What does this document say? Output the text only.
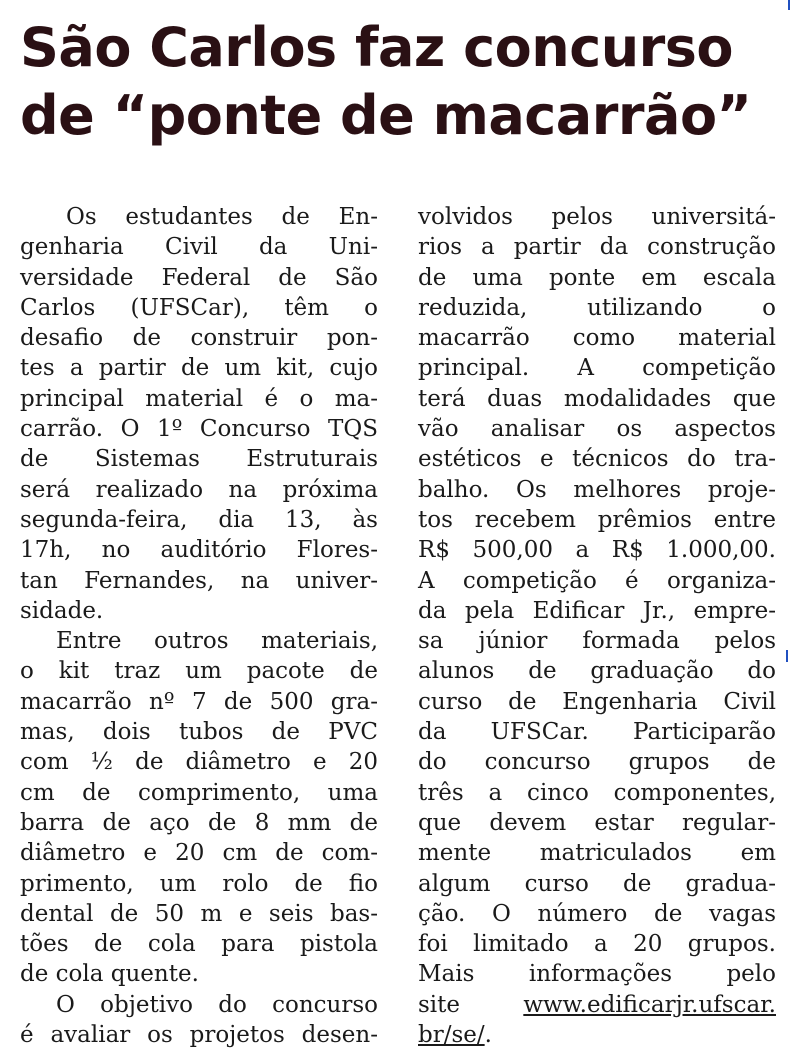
São Carlos faz concurso
de “ponte de macarrão”
Os estudantes de En-
genharia Civil da Uni-
versidade Federal de São
Carlos (UFSCar), têm o
desafio de construir pon-
tes a partir de um kit, cujo
principal material é o ma-
carrão. O 1º Concurso TQS
de Sistemas Estruturais
será realizado na próxima
segunda-feira, dia 13, às
17h, no auditório Flores-
tan Fernandes, na univer-
sidade.
Entre outros materiais,
o kit traz um pacote de
macarrão nº 7 de 500 gra-
mas, dois tubos de PVC
com ½ de diâmetro e 20
cm de comprimento, uma
barra de aço de 8 mm de
diâmetro e 20 cm de com-
primento, um rolo de fio
dental de 50 m e seis bas-
tões de cola para pistola
de cola quente.
O objetivo do concurso
é avaliar os projetos desen-
volvidos pelos universitá-
rios a partir da construção
de uma ponte em escala
reduzida, utilizando o
macarrão como material
principal. A competição
terá duas modalidades que
vão analisar os aspectos
estéticos e técnicos do tra-
balho. Os melhores proje-
tos recebem prêmios entre
R$ 500,00 a R$ 1.000,00.
A competição é organiza-
da pela Edificar Jr., empre-
sa júnior formada pelos
alunos de graduação do
curso de Engenharia Civil
da UFSCar. Participarão
do concurso grupos de
três a cinco componentes,
que devem estar regular-
mente matriculados em
algum curso de gradua-
ção. O número de vagas
foi limitado a 20 grupos.
Mais informações pelo
site www.edificarjr.ufscar.
br/se/.
